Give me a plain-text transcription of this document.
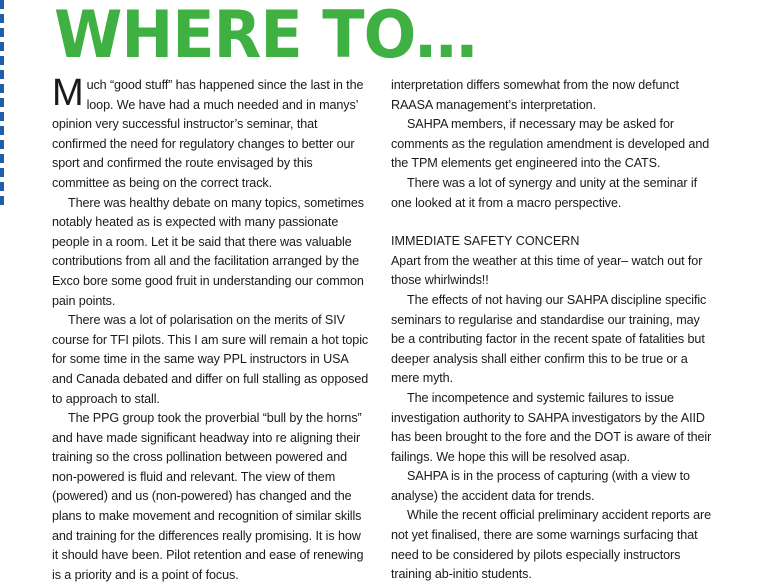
WHERE TO…

Much “good stuff” has happened since the last in the loop. We have had a much needed and in manys’ opinion very successful instructor’s seminar, that confirmed the need for regulatory changes to better our sport and confirmed the route envisaged by this committee as being on the correct track.

There was healthy debate on many topics, sometimes notably heated as is expected with many passionate people in a room. Let it be said that there was valuable contributions from all and the facilitation arranged by the Exco bore some good fruit in understanding our common pain points.

There was a lot of polarisation on the merits of SIV course for TFI pilots. This I am sure will remain a hot topic for some time in the same way PPL instructors in USA and Canada debated and differ on full stalling as opposed to approach to stall.

The PPG group took the proverbial “bull by the horns” and have made significant headway into re aligning their training so the cross pollination between powered and non-powered is fluid and relevant. The view of them (powered) and us (non-powered) has changed and the plans to make movement and recognition of similar skills and training for the differences really promising. It is how it should have been. Pilot retention and ease of renewing is a priority and is a point of focus.

interpretation differs somewhat from the now defunct RAASA management’s interpretation.

SAHPA members, if necessary may be asked for comments as the regulation amendment is developed and the TPM elements get engineered into the CATS.

There was a lot of synergy and unity at the seminar if one looked at it from a macro perspective.

IMMEDIATE SAFETY CONCERN

Apart from the weather at this time of year– watch out for those whirlwinds!!

The effects of not having our SAHPA discipline specific seminars to regularise and standardise our training, may be a contributing factor in the recent spate of fatalities but deeper analysis shall either confirm this to be true or a mere myth.

The incompetence and systemic failures to issue investigation authority to SAHPA investigators by the AIID has been brought to the fore and the DOT is aware of their failings. We hope this will be resolved asap.

SAHPA is in the process of capturing (with a view to analyse) the accident data for trends.

While the recent official preliminary accident reports are not yet finalised, there are some warnings surfacing that need to be considered by pilots especially instructors training ab-initio students.
